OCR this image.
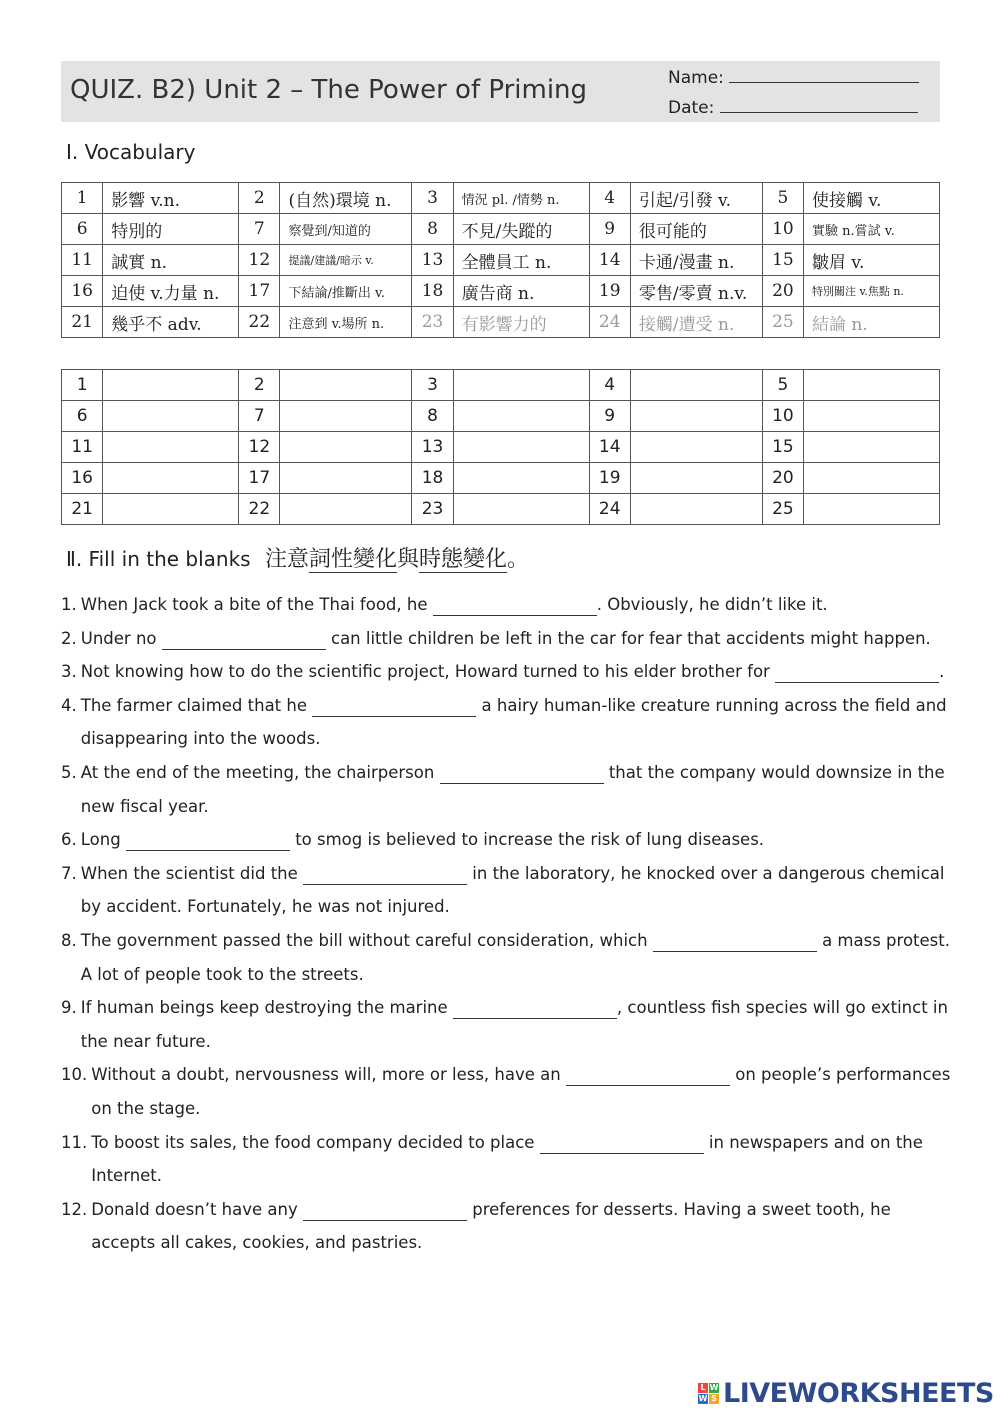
QUIZ. B2) Unit 2 – The Power of Priming	Name:
Date:
Ⅰ. Vocabulary
1	影響 v.n.	2	(自然)環境 n.	3	情況 pl. /情勢 n.	4	引起/引發 v.	5	使接觸 v.
6	特別的	7	察覺到/知道的	8	不見/失蹤的	9	很可能的	10	實驗 n.嘗試 v.
11	誠實 n.	12	提議/建議/暗示 v.	13	全體員工 n.	14	卡通/漫畫 n.	15	皺眉 v.
16	迫使 v.力量 n.	17	下結論/推斷出 v.	18	廣告商 n.	19	零售/零賣 n.v.	20	特別關注 v.焦點 n.
21	幾乎不 adv.	22	注意到 v.場所 n.	23	有影響力的	24	接觸/遭受 n.	25	結論 n.
1		2		3		4		5	
6		7		8		9		10	
11		12		13		14		15	
16		17		18		19		20	
21		22		23		24		25	
Ⅱ. Fill in the blanks 注意詞性變化與時態變化。
1. When Jack took a bite of the Thai food, he	. Obviously, he didn’t like it.
2. Under no	can little children be left in the car for fear that accidents might happen.
3. Not knowing how to do the scientific project, Howard turned to his elder brother for	.
4. The farmer claimed that he	a hairy human-like creature running across the field and disappearing into the woods.
5. At the end of the meeting, the chairperson	that the company would downsize in the new fiscal year.
6. Long	to smog is believed to increase the risk of lung diseases.
7. When the scientist did the	in the laboratory, he knocked over a dangerous chemical by accident. Fortunately, he was not injured.
8. The government passed the bill without careful consideration, which	a mass protest. A lot of people took to the streets.
9. If human beings keep destroying the marine	, countless fish species will go extinct in the near future.
10. Without a doubt, nervousness will, more or less, have an	on people’s performances on the stage.
11. To boost its sales, the food company decided to place	in newspapers and on the Internet.
12. Donald doesn’t have any	preferences for desserts. Having a sweet tooth, he accepts all cakes, cookies, and pastries.
L W
W S LIVEWORKSHEETS
